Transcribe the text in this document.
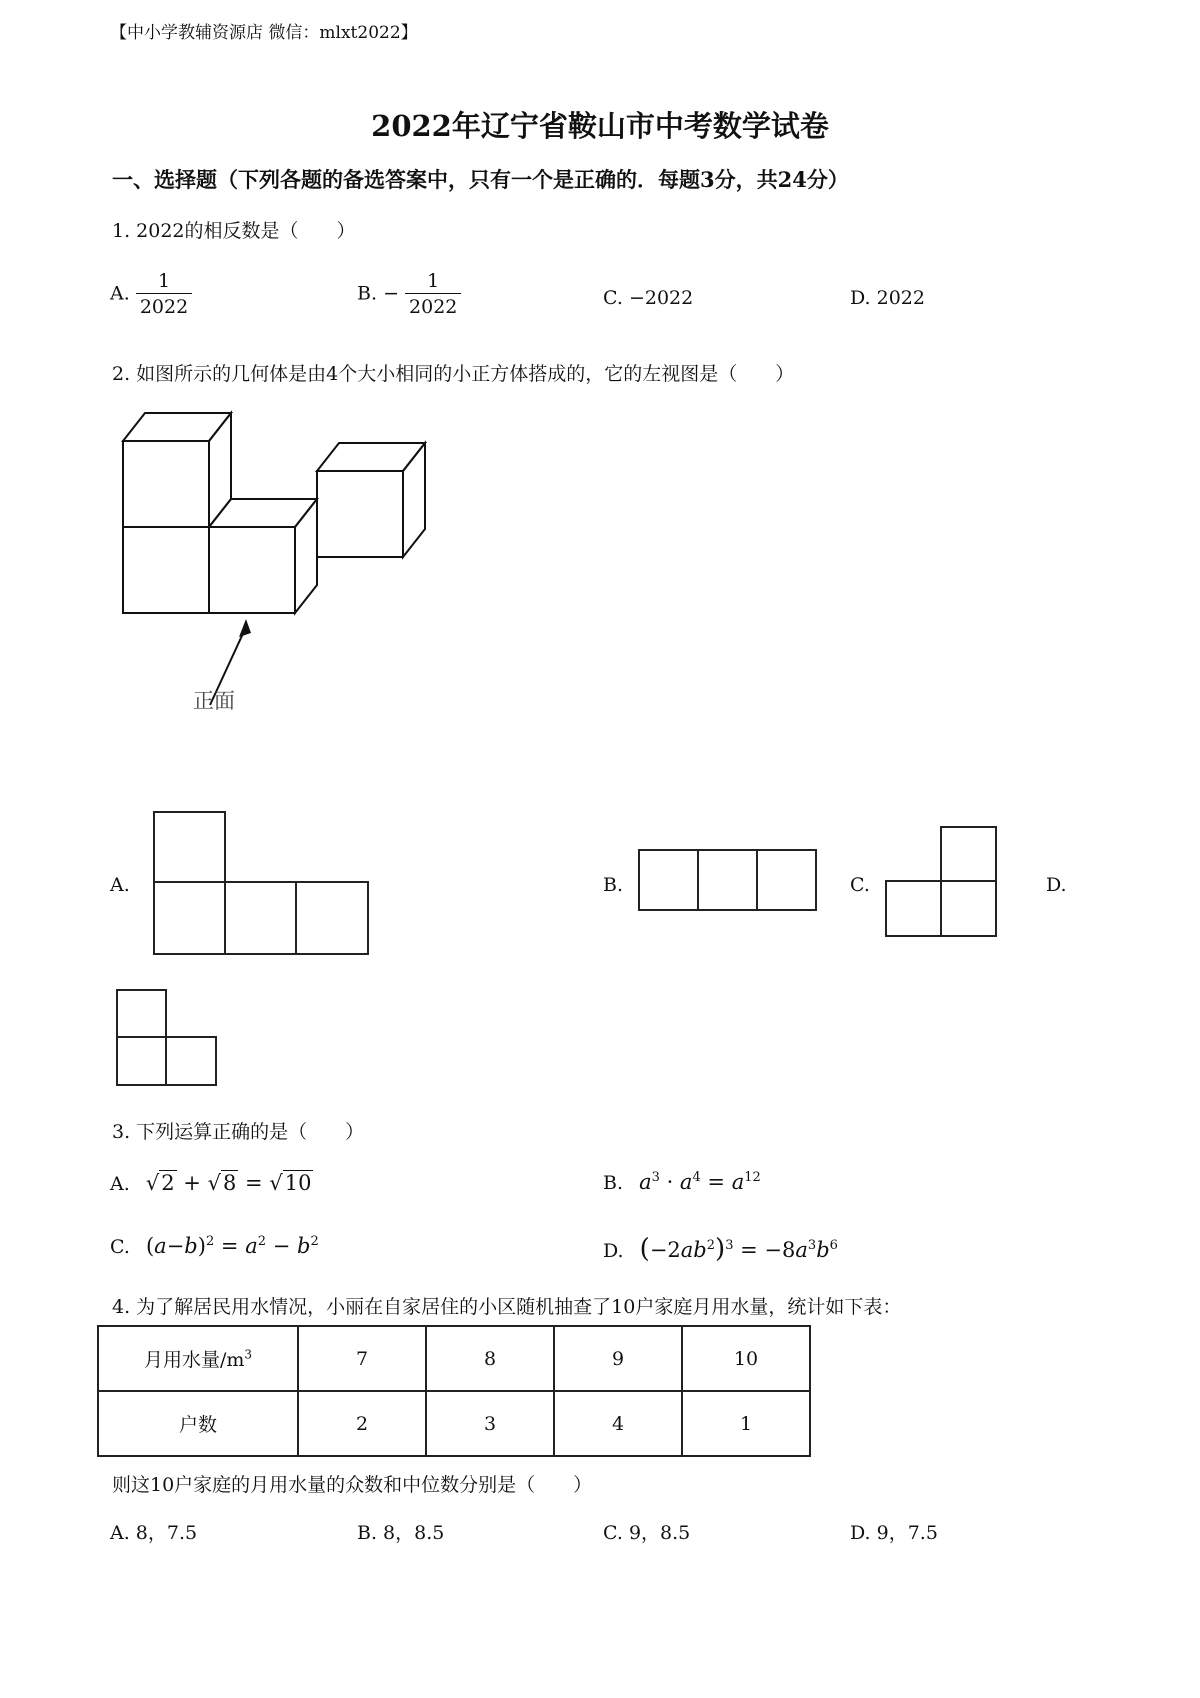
【中小学教辅资源店 微信：mlxt2022】
2022年辽宁省鞍山市中考数学试卷
一、选择题（下列各题的备选答案中，只有一个是正确的．每题3分，共24分）
1. 2022的相反数是（　　）
A. $\frac{1}{2022}$	B. − $\frac{1}{2022}$	C. −2022	D. 2022
2. 如图所示的几何体是由4个大小相同的小正方体搭成的，它的左视图是（　　）
正面
A.	B.	C.	D.
3. 下列运算正确的是（　　）
A. √2 + √8 = √10	B. $a^3 \cdot a^4 = a^{12}$
C. $(a-b)^2 = a^2 - b^2$	D. $(-2ab^2)^3 = -8a^3b^6$
4. 为了解居民用水情况，小丽在自家居住的小区随机抽查了10户家庭月用水量，统计如下表：
月用水量$/m^3$	7	8	9	10
户数	2	3	4	1
则这10户家庭的月用水量的众数和中位数分别是（　　）
A. 8，7.5	B. 8，8.5	C. 9，8.5	D. 9，7.5
